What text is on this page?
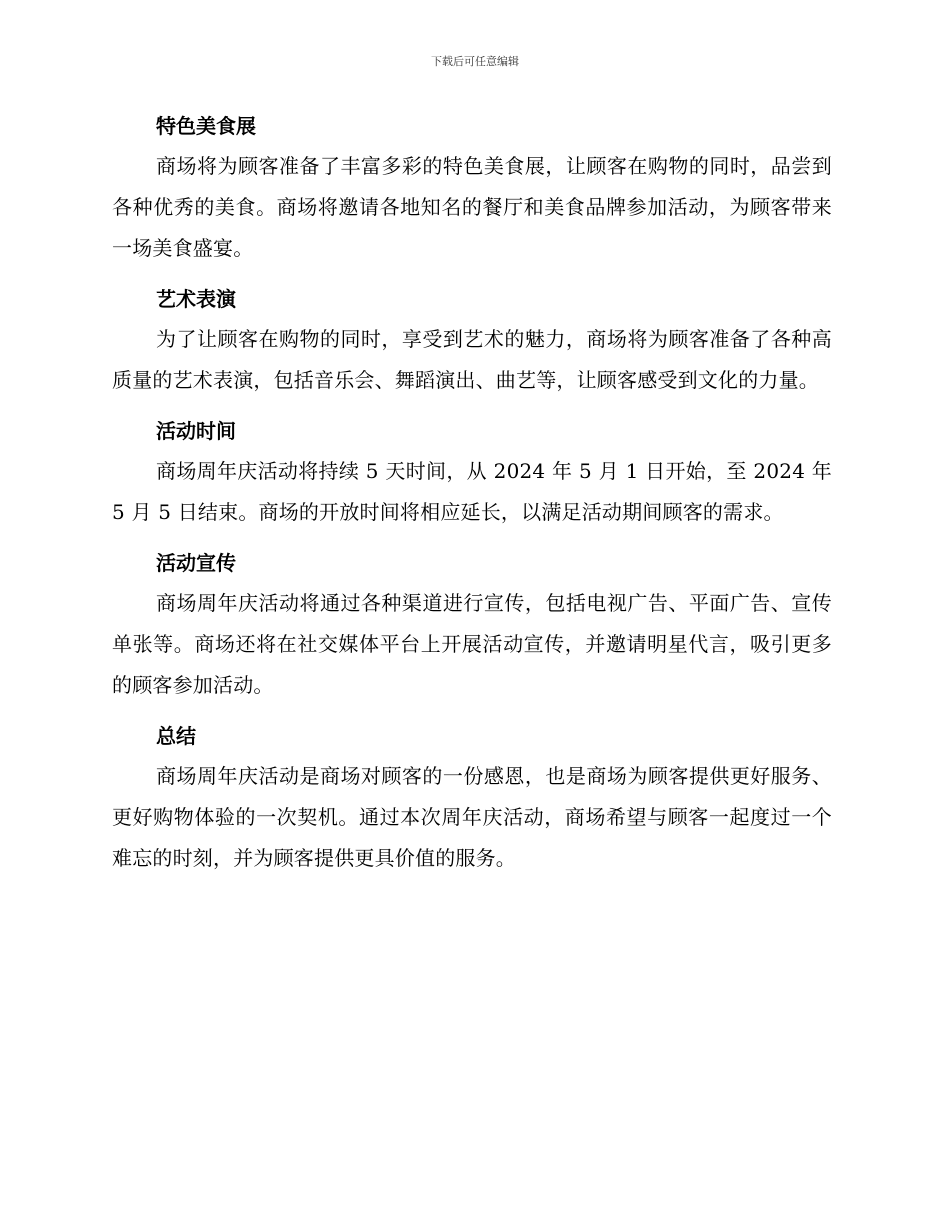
下载后可任意编辑
特色美食展

商场将为顾客准备了丰富多彩的特色美食展，让顾客在购物的同时，品尝到各种优秀的美食。商场将邀请各地知名的餐厅和美食品牌参加活动，为顾客带来一场美食盛宴。

艺术表演

为了让顾客在购物的同时，享受到艺术的魅力，商场将为顾客准备了各种高质量的艺术表演，包括音乐会、舞蹈演出、曲艺等，让顾客感受到文化的力量。

活动时间

商场周年庆活动将持续 5 天时间，从 2024 年 5 月 1 日开始，至 2024 年 5 月 5 日结束。商场的开放时间将相应延长，以满足活动期间顾客的需求。

活动宣传

商场周年庆活动将通过各种渠道进行宣传，包括电视广告、平面广告、宣传单张等。商场还将在社交媒体平台上开展活动宣传，并邀请明星代言，吸引更多的顾客参加活动。

总结

商场周年庆活动是商场对顾客的一份感恩，也是商场为顾客提供更好服务、更好购物体验的一次契机。通过本次周年庆活动，商场希望与顾客一起度过一个难忘的时刻，并为顾客提供更具价值的服务。
